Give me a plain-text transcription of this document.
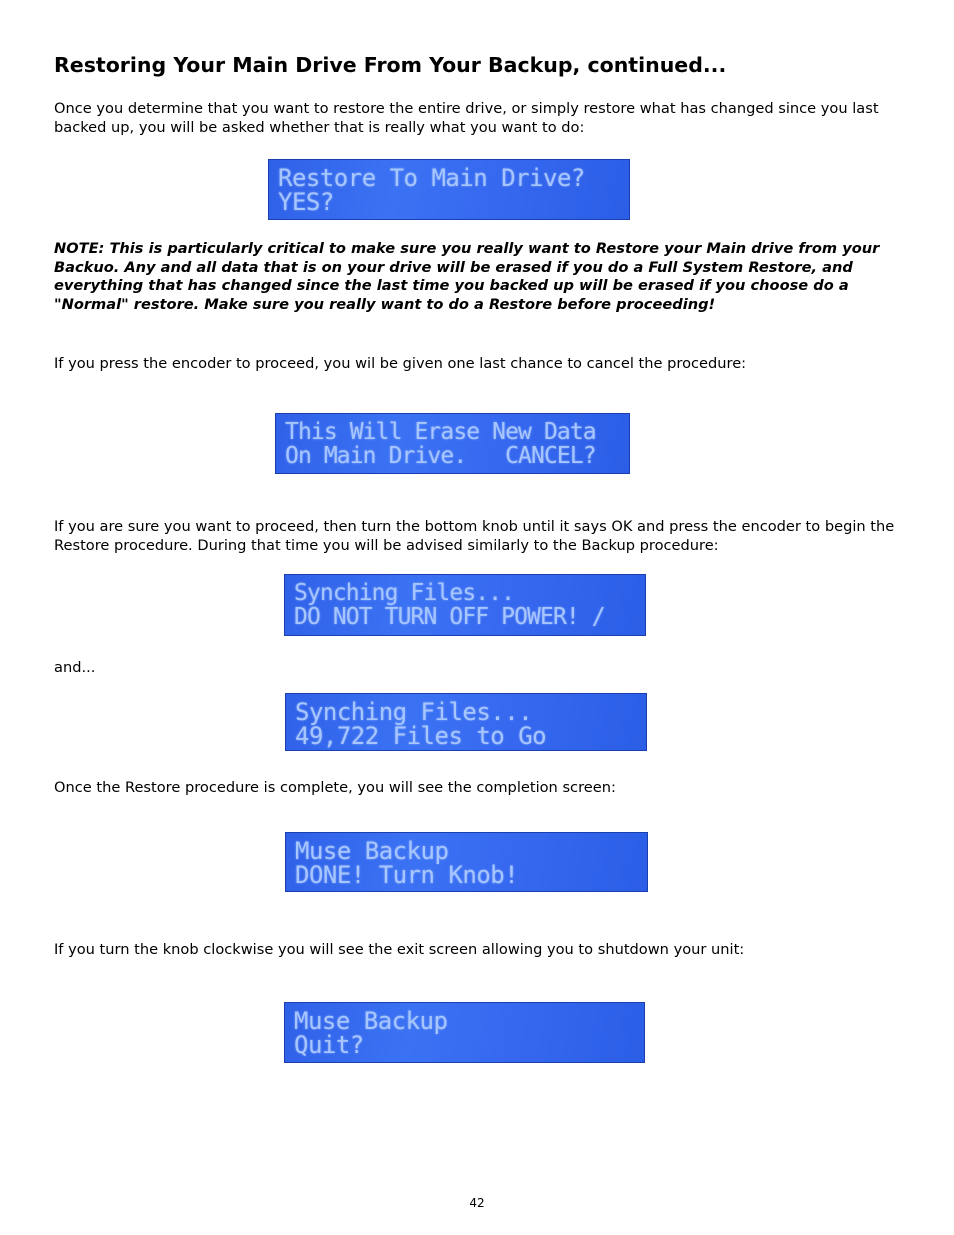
Restoring Your Main Drive From Your Backup, continued...

Once you determine that you want to restore the entire drive, or simply restore what has changed since you last backed up, you will be asked whether that is really what you want to do:

Restore To Main Drive?
YES?

NOTE: This is particularly critical to make sure you really want to Restore your Main drive from your Backuo. Any and all data that is on your drive will be erased if you do a Full System Restore, and everything that has changed since the last time you backed up will be erased if you choose do a "Normal" restore. Make sure you really want to do a Restore before proceeding!

If you press the encoder to proceed, you wil be given one last chance to cancel the procedure:

This Will Erase New Data
On Main Drive.   CANCEL?

If you are sure you want to proceed, then turn the bottom knob until it says OK and press the encoder to begin the Restore procedure. During that time you will be advised similarly to the Backup procedure:

Synching Files...
DO NOT TURN OFF POWER! /

and...

Synching Files...
49,722 Files to Go

Once the Restore procedure is complete, you will see the completion screen:

Muse Backup
DONE! Turn Knob!

If you turn the knob clockwise you will see the exit screen allowing you to shutdown your unit:

Muse Backup
Quit?

42
